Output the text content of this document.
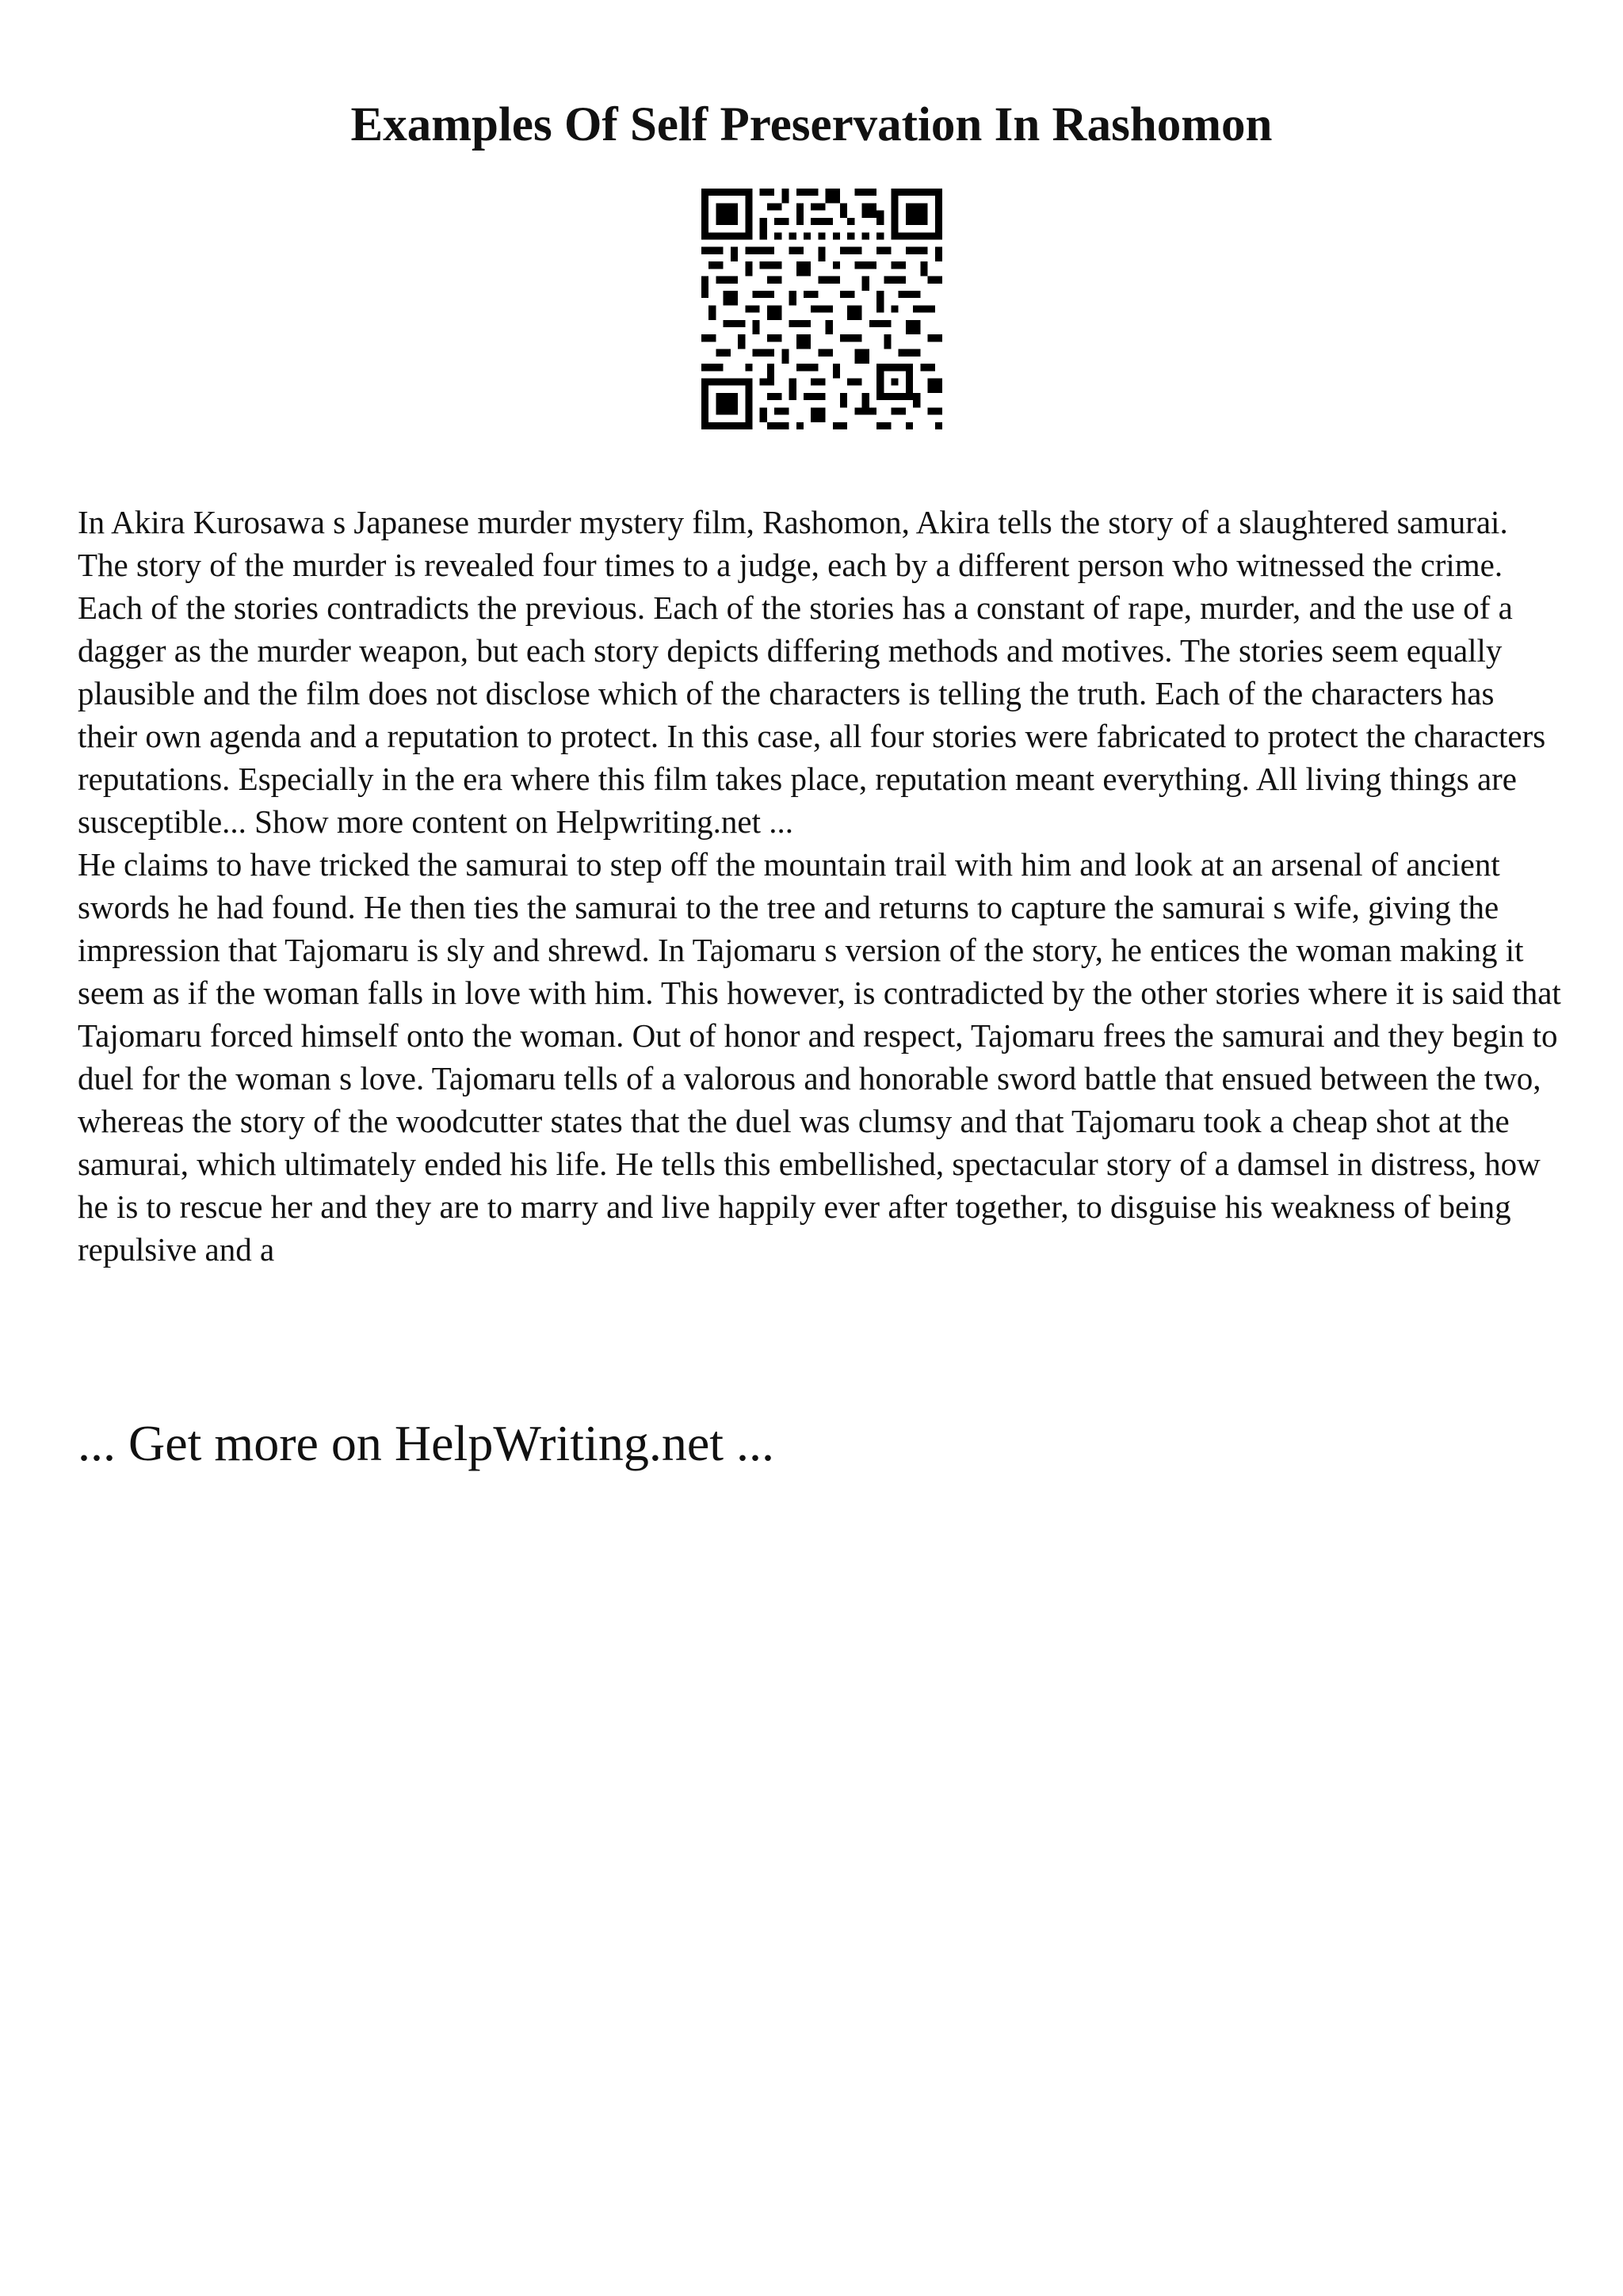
Examples Of Self Preservation In Rashomon

In Akira Kurosawa s Japanese murder mystery film, Rashomon, Akira tells the story of a slaughtered samurai. The story of the murder is revealed four times to a judge, each by a different person who witnessed the crime. Each of the stories contradicts the previous. Each of the stories has a constant of rape, murder, and the use of a dagger as the murder weapon, but each story depicts differing methods and motives. The stories seem equally plausible and the film does not disclose which of the characters is telling the truth. Each of the characters has their own agenda and a reputation to protect. In this case, all four stories were fabricated to protect the characters reputations. Especially in the era where this film takes place, reputation meant everything. All living things are susceptible... Show more content on Helpwriting.net ...

He claims to have tricked the samurai to step off the mountain trail with him and look at an arsenal of ancient swords he had found. He then ties the samurai to the tree and returns to capture the samurai s wife, giving the impression that Tajomaru is sly and shrewd. In Tajomaru s version of the story, he entices the woman making it seem as if the woman falls in love with him. This however, is contradicted by the other stories where it is said that Tajomaru forced himself onto the woman. Out of honor and respect, Tajomaru frees the samurai and they begin to duel for the woman s love. Tajomaru tells of a valorous and honorable sword battle that ensued between the two, whereas the story of the woodcutter states that the duel was clumsy and that Tajomaru took a cheap shot at the samurai, which ultimately ended his life. He tells this embellished, spectacular story of a damsel in distress, how he is to rescue her and they are to marry and live happily ever after together, to disguise his weakness of being repulsive and a

... Get more on HelpWriting.net ...
